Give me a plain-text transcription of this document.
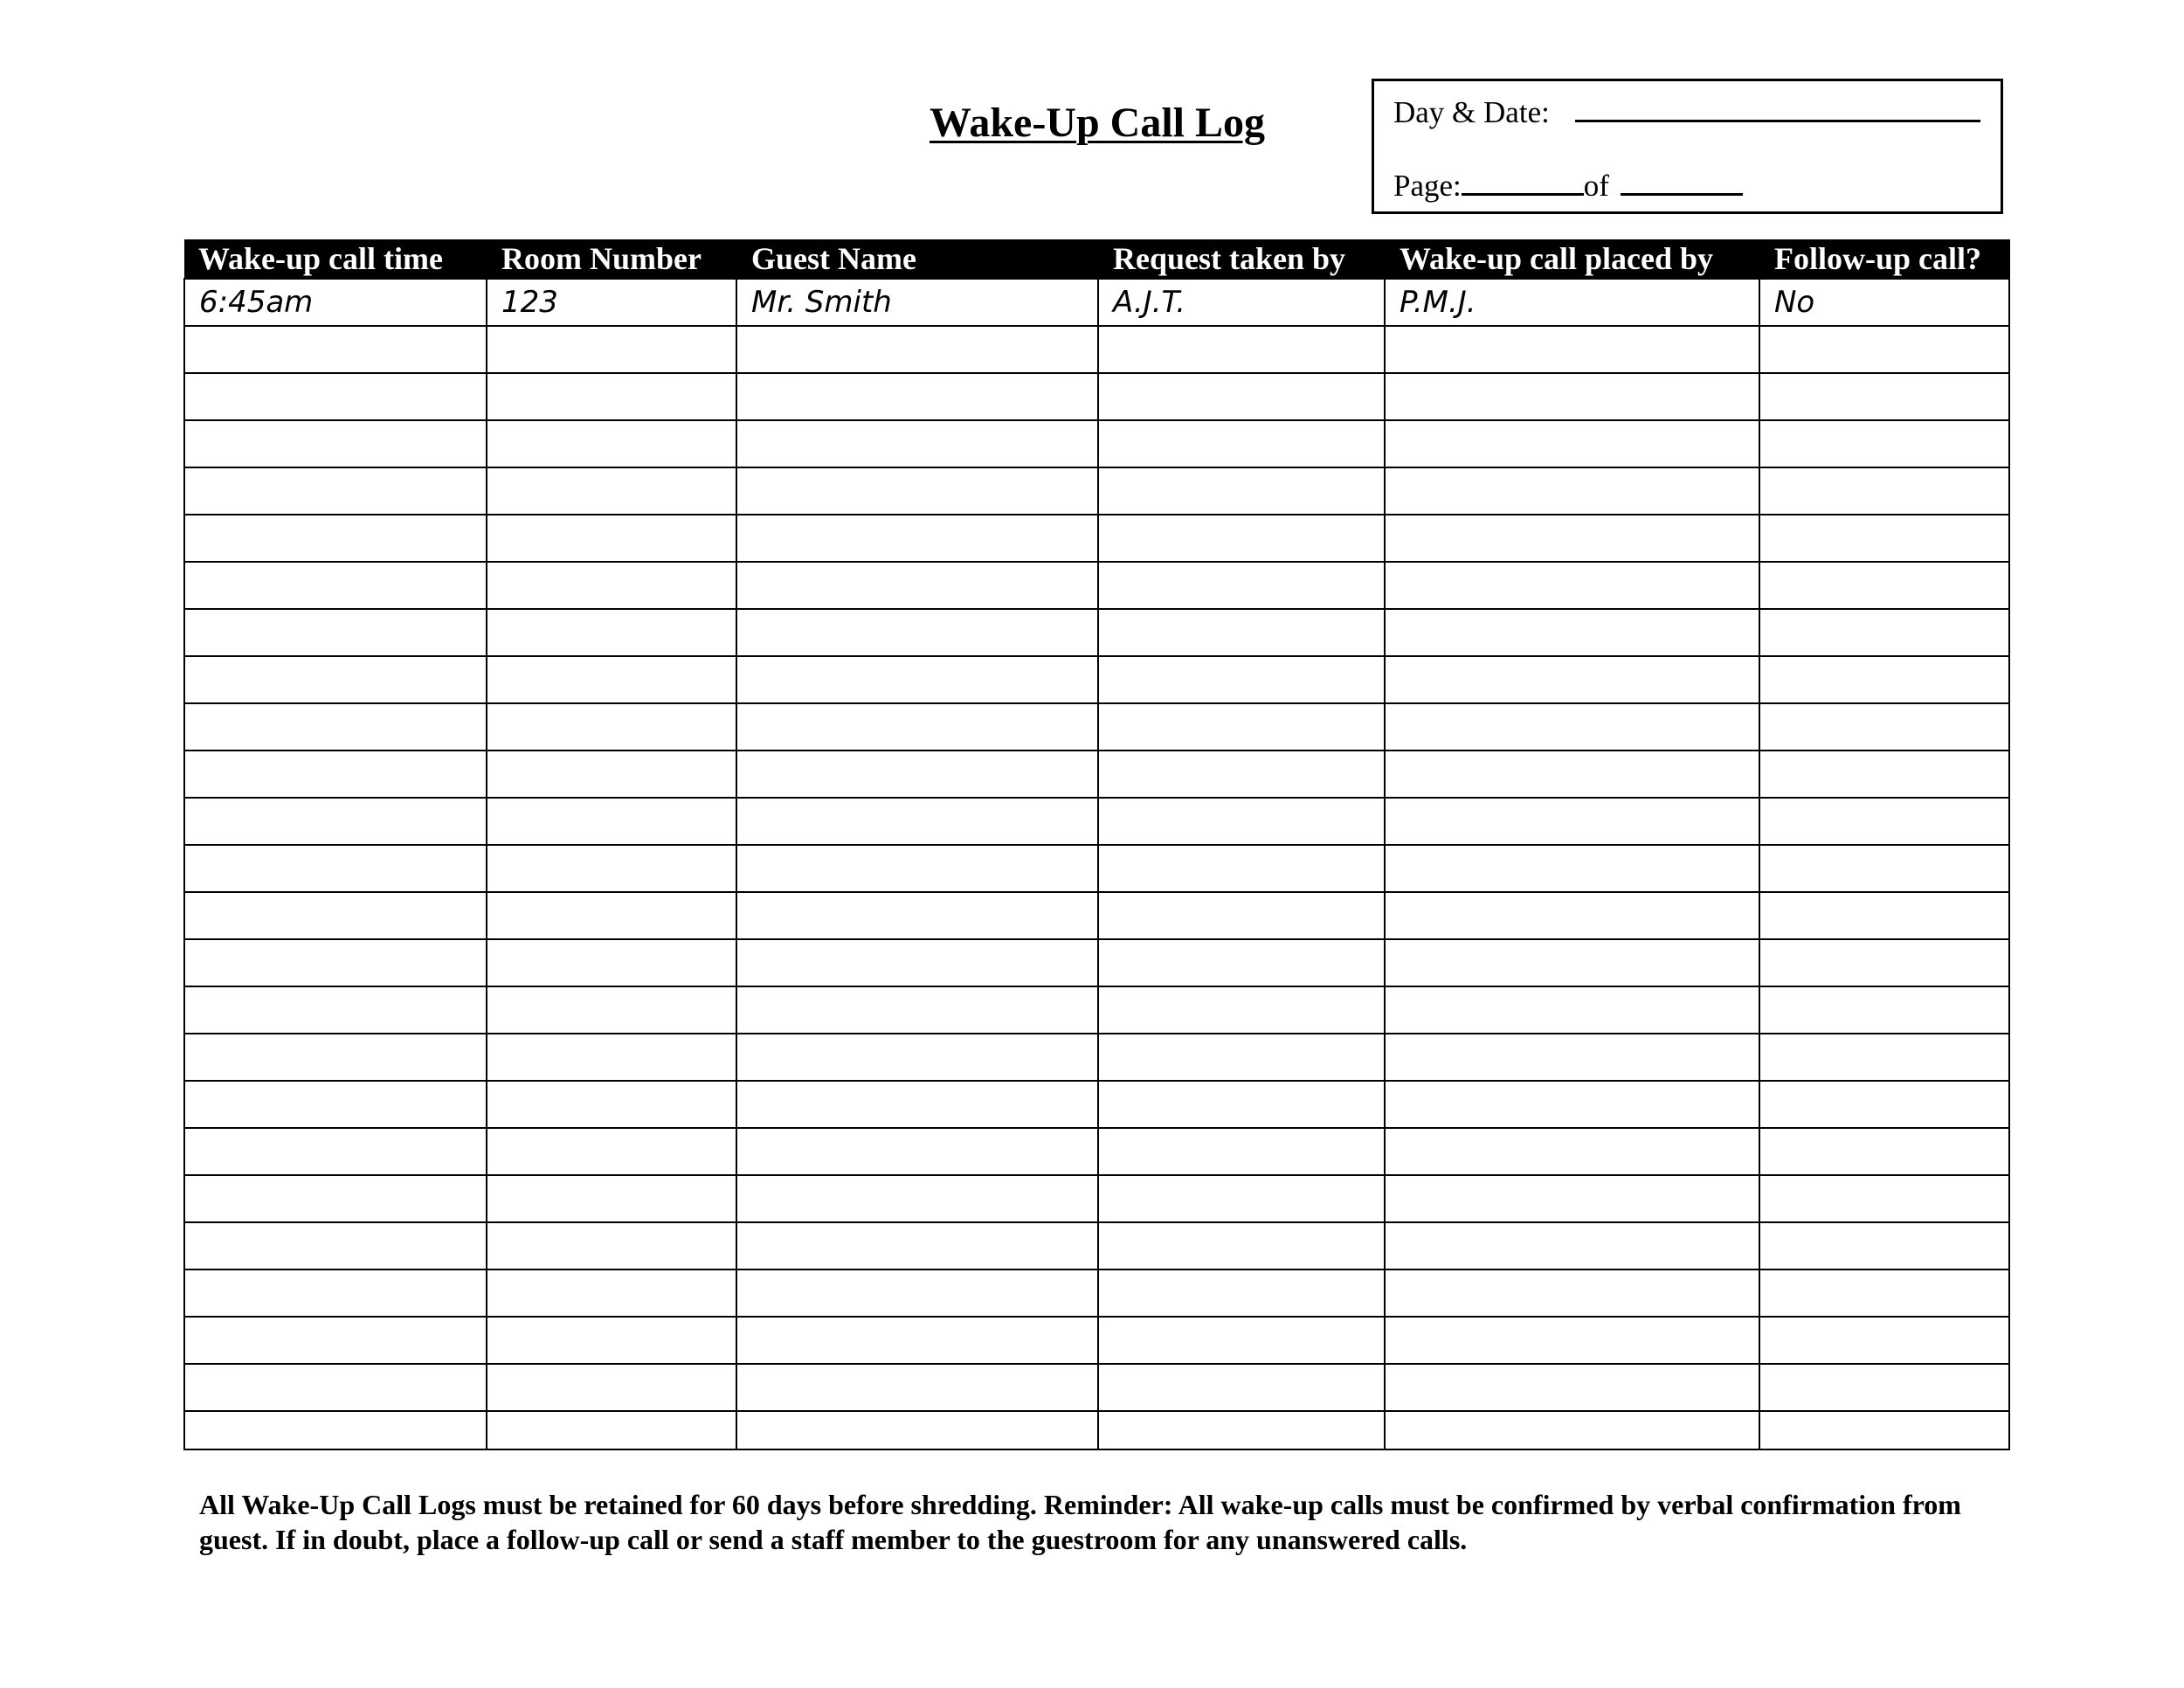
Wake-Up Call Log	Day & Date:
Page:	of
Wake-up call time	Room Number	Guest Name	Request taken by	Wake-up call placed by	Follow-up call?
6:45am	123	Mr. Smith	A.J.T.	P.M.J.	No

All Wake-Up Call Logs must be retained for 60 days before shredding. Reminder: All wake-up calls must be confirmed by verbal confirmation from guest. If in doubt, place a follow-up call or send a staff member to the guestroom for any unanswered calls.
